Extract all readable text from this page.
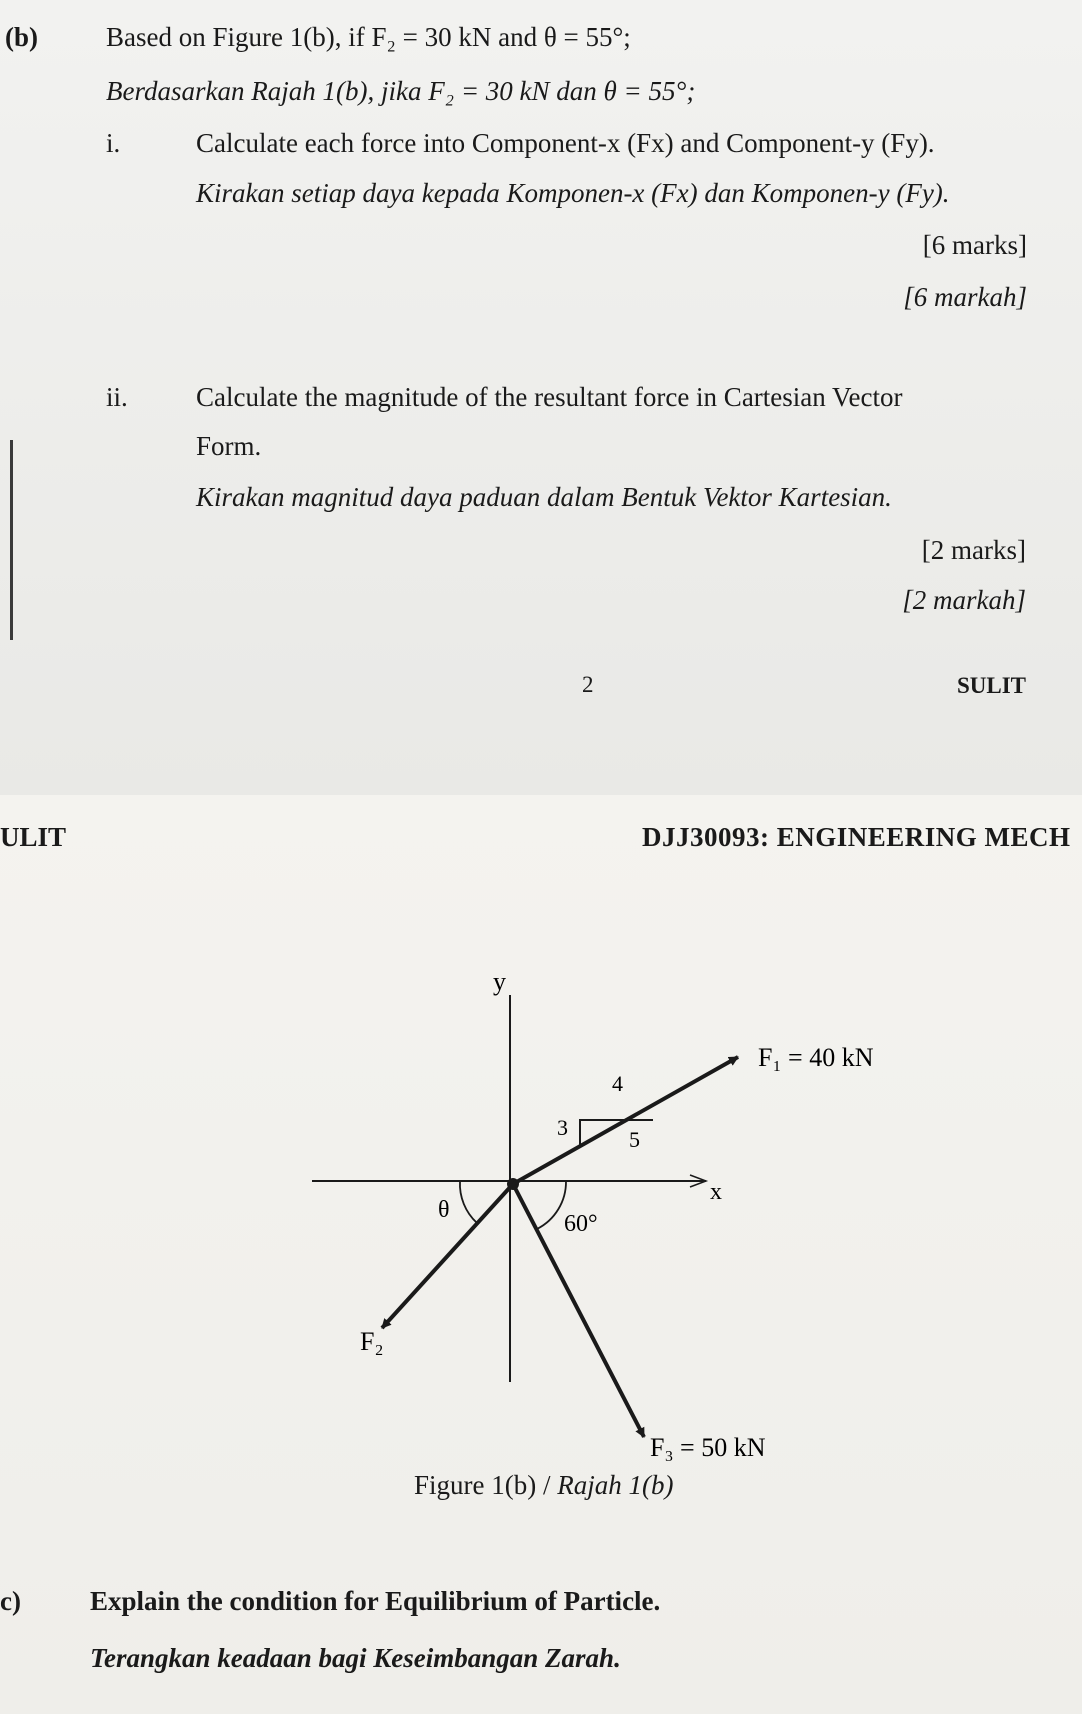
(b)	Based on Figure 1(b), if F₂ = 30 kN and θ = 55°;
Berdasarkan Rajah 1(b), jika F₂ = 30 kN dan θ = 55°;
i.	Calculate each force into Component-x (Fx) and Component-y (Fy).
Kirakan setiap daya kepada Komponen-x (Fx) dan Komponen-y (Fy).
[6 marks]
[6 markah]
ii.	Calculate the magnitude of the resultant force in Cartesian Vector
Form.
Kirakan magnitud daya paduan dalam Bentuk Vektor Kartesian.
[2 marks]
[2 markah]
2	SULIT
ULIT	DJJ30093: ENGINEERING MECH
y
x
F₁ = 40 kN
4
3	5
θ
60°
F₂
F₃ = 50 kN
Figure 1(b) / Rajah 1(b)
c)	Explain the condition for Equilibrium of Particle.
Terangkan keadaan bagi Keseimbangan Zarah.
